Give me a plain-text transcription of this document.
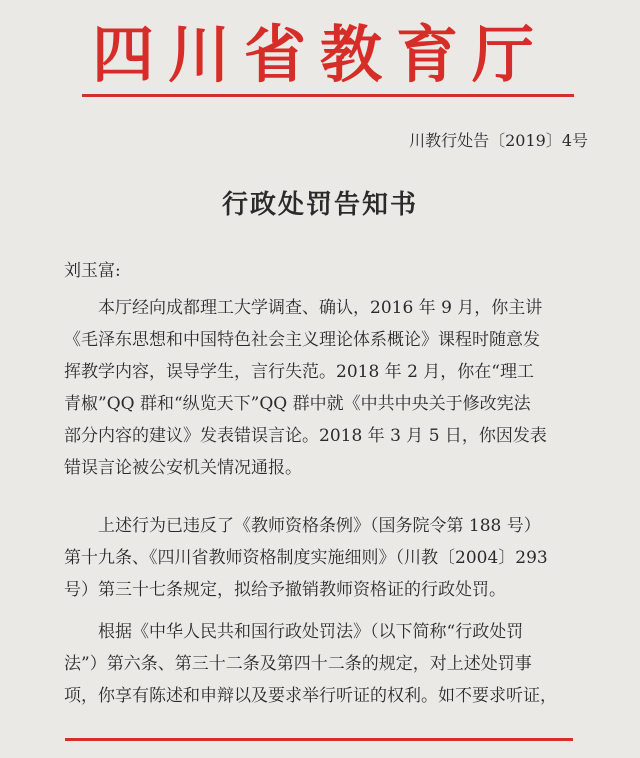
四川省教育厅
川教行处告〔2019〕4号
行政处罚告知书
刘玉富:
本厅经向成都理工大学调查、确认，2016 年 9 月，你主讲
《毛泽东思想和中国特色社会主义理论体系概论》课程时随意发
挥教学内容，误导学生，言行失范。2018 年 2 月，你在“理工
青椒”QQ 群和“纵览天下”QQ 群中就《中共中央关于修改宪法
部分内容的建议》发表错误言论。2018 年 3 月 5 日，你因发表
错误言论被公安机关情况通报。
上述行为已违反了《教师资格条例》（国务院令第 188 号）
第十九条、《四川省教师资格制度实施细则》（川教〔2004〕293
号）第三十七条规定，拟给予撤销教师资格证的行政处罚。
根据《中华人民共和国行政处罚法》（以下简称“行政处罚
法”）第六条、第三十二条及第四十二条的规定，对上述处罚事
项，你享有陈述和申辩以及要求举行听证的权利。如不要求听证，
